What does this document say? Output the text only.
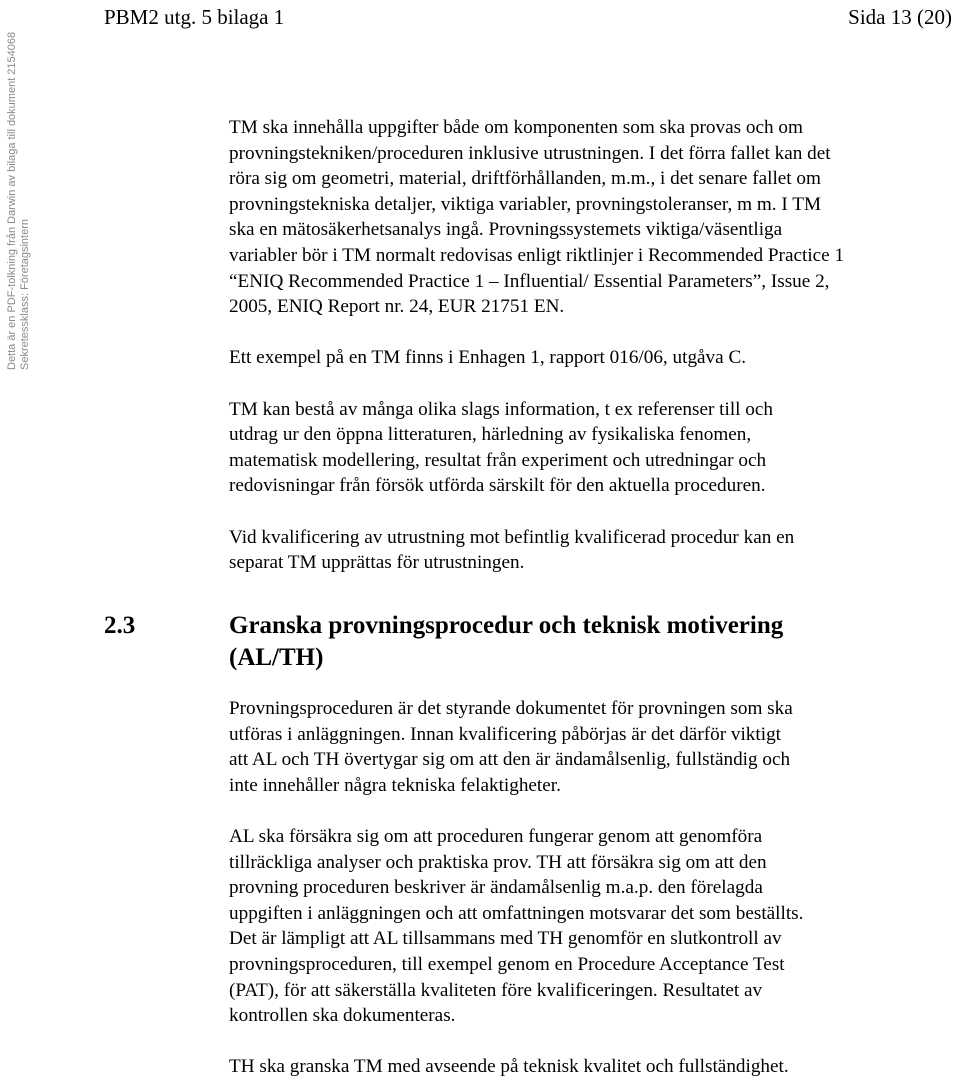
PBM2 utg. 5 bilaga 1	Sida 13 (20)
Detta är en PDF-tolkning från Darwin av bilaga till dokument 2154068 Sekretessklass: Företagsintern

TM ska innehålla uppgifter både om komponenten som ska provas och om
provningstekniken/proceduren inklusive utrustningen. I det förra fallet kan det
röra sig om geometri, material, driftförhållanden, m.m., i det senare fallet om
provningstekniska detaljer, viktiga variabler, provningstoleranser, m m. I TM
ska en mätosäkerhetsanalys ingå. Provningssystemets viktiga/väsentliga
variabler bör i TM normalt redovisas enligt riktlinjer i Recommended Practice 1
“ENIQ Recommended Practice 1 – Influential/ Essential Parameters”, Issue 2,
2005, ENIQ Report nr. 24, EUR 21751 EN.

Ett exempel på en TM finns i Enhagen 1, rapport 016/06, utgåva C.

TM kan bestå av många olika slags information, t ex referenser till och
utdrag ur den öppna litteraturen, härledning av fysikaliska fenomen,
matematisk modellering, resultat från experiment och utredningar och
redovisningar från försök utförda särskilt för den aktuella proceduren.

Vid kvalificering av utrustning mot befintlig kvalificerad procedur kan en
separat TM upprättas för utrustningen.

2.3	Granska provningsprocedur och teknisk motivering
(AL/TH)

Provningsproceduren är det styrande dokumentet för provningen som ska
utföras i anläggningen. Innan kvalificering påbörjas är det därför viktigt
att AL och TH övertygar sig om att den är ändamålsenlig, fullständig och
inte innehåller några tekniska felaktigheter.

AL ska försäkra sig om att proceduren fungerar genom att genomföra
tillräckliga analyser och praktiska prov. TH att försäkra sig om att den
provning proceduren beskriver är ändamålsenlig m.a.p. den förelagda
uppgiften i anläggningen och att omfattningen motsvarar det som beställts.
Det är lämpligt att AL tillsammans med TH genomför en slutkontroll av
provningsproceduren, till exempel genom en Procedure Acceptance Test
(PAT), för att säkerställa kvaliteten före kvalificeringen. Resultatet av
kontrollen ska dokumenteras.

TH ska granska TM med avseende på teknisk kvalitet och fullständighet.
